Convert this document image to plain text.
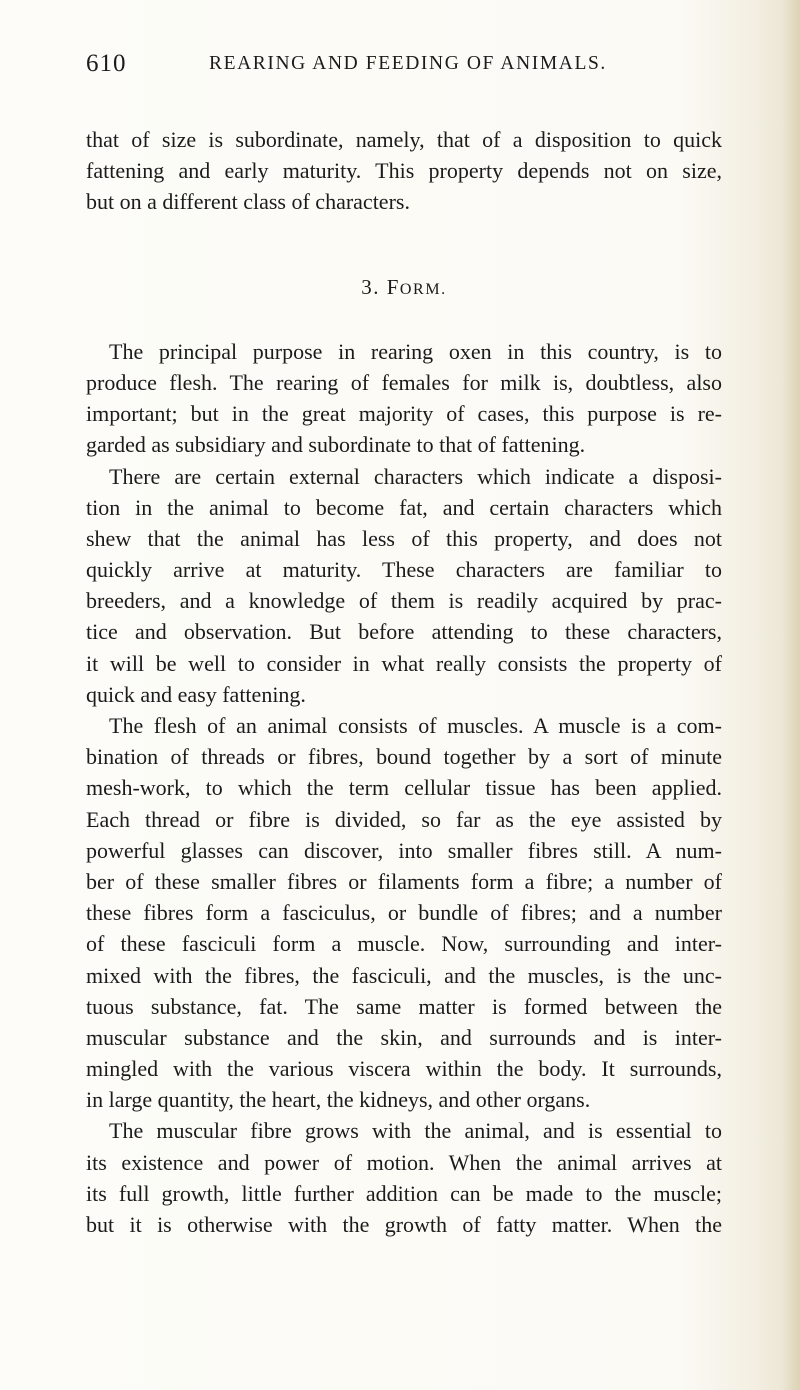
610	REARING AND FEEDING OF ANIMALS.
that of size is subordinate, namely, that of a disposition to quick
fattening and early maturity. This property depends not on size,
but on a different class of characters.
3. FORM.
The principal purpose in rearing oxen in this country, is to
produce flesh. The rearing of females for milk is, doubtless, also
important; but in the great majority of cases, this purpose is re-
garded as subsidiary and subordinate to that of fattening.
There are certain external characters which indicate a disposi-
tion in the animal to become fat, and certain characters which
shew that the animal has less of this property, and does not
quickly arrive at maturity. These characters are familiar to
breeders, and a knowledge of them is readily acquired by prac-
tice and observation. But before attending to these characters,
it will be well to consider in what really consists the property of
quick and easy fattening.
The flesh of an animal consists of muscles. A muscle is a com-
bination of threads or fibres, bound together by a sort of minute
mesh-work, to which the term cellular tissue has been applied.
Each thread or fibre is divided, so far as the eye assisted by
powerful glasses can discover, into smaller fibres still. A num-
ber of these smaller fibres or filaments form a fibre; a number of
these fibres form a fasciculus, or bundle of fibres; and a number
of these fasciculi form a muscle. Now, surrounding and inter-
mixed with the fibres, the fasciculi, and the muscles, is the unc-
tuous substance, fat. The same matter is formed between the
muscular substance and the skin, and surrounds and is inter-
mingled with the various viscera within the body. It surrounds,
in large quantity, the heart, the kidneys, and other organs.
The muscular fibre grows with the animal, and is essential to
its existence and power of motion. When the animal arrives at
its full growth, little further addition can be made to the muscle;
but it is otherwise with the growth of fatty matter. When the
